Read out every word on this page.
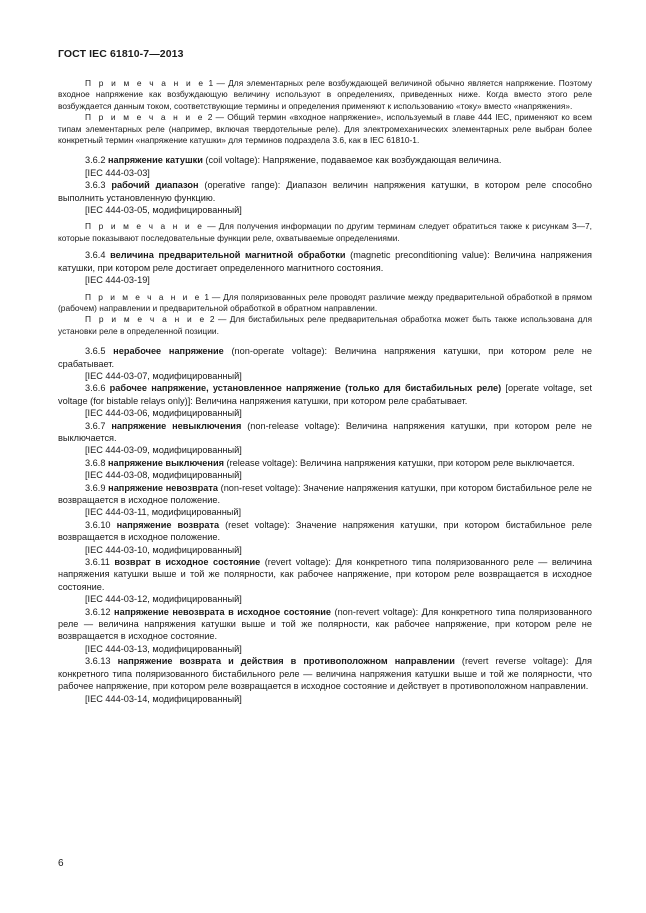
ГОСТ IEC 61810-7—2013

П р и м е ч а н и е 1 — Для элементарных реле возбуждающей величиной обычно является напряжение. Поэтому входное напряжение как возбуждающую величину используют в определениях, приведенных ниже. Когда вместо этого реле возбуждается данным током, соответствующие термины и определения применяют к использованию «току» вместо «напряжения».

П р и м е ч а н и е 2 — Общий термин «входное напряжение», используемый в главе 444 IEC, применяют ко всем типам элементарных реле (например, включая твердотельные реле). Для электромеханических элементарных реле выбран более конкретный термин «напряжение катушки» для терминов подраздела 3.6, как в IEC 61810-1.

3.6.2 напряжение катушки (coil voltage): Напряжение, подаваемое как возбуждающая величина.

[IEC 444-03-03]

3.6.3 рабочий диапазон (operative range): Диапазон величин напряжения катушки, в котором реле способно выполнить установленную функцию.

[IEC 444-03-05, модифицированный]

П р и м е ч а н и е — Для получения информации по другим терминам следует обратиться также к рисункам 3—7, которые показывают последовательные функции реле, охватываемые определениями.

3.6.4 величина предварительной магнитной обработки (magnetic preconditioning value): Величина напряжения катушки, при котором реле достигает определенного магнитного состояния.

[IEC 444-03-19]

П р и м е ч а н и е 1 — Для поляризованных реле проводят различие между предварительной обработкой в прямом (рабочем) направлении и предварительной обработкой в обратном направлении.

П р и м е ч а н и е 2 — Для бистабильных реле предварительная обработка может быть также использована для установки реле в определенной позиции.

3.6.5 нерабочее напряжение (non-operate voltage): Величина напряжения катушки, при котором реле не срабатывает.

[IEC 444-03-07, модифицированный]

3.6.6 рабочее напряжение, установленное напряжение (только для бистабильных реле) [operate voltage, set voltage (for bistable relays only)]: Величина напряжения катушки, при котором реле срабатывает.

[IEC 444-03-06, модифицированный]

3.6.7 напряжение невыключения (non-release voltage): Величина напряжения катушки, при котором реле не выключается.

[IEC 444-03-09, модифицированный]

3.6.8 напряжение выключения (release voltage): Величина напряжения катушки, при котором реле выключается.

[IEC 444-03-08, модифицированный]

3.6.9 напряжение невозврата (non-reset voltage): Значение напряжения катушки, при котором бистабильное реле не возвращается в исходное положение.

[IEC 444-03-11, модифицированный]

3.6.10 напряжение возврата (reset voltage): Значение напряжения катушки, при котором бистабильное реле возвращается в исходное положение.

[IEC 444-03-10, модифицированный]

3.6.11 возврат в исходное состояние (revert voltage): Для конкретного типа поляризованного реле — величина напряжения катушки выше и той же полярности, как рабочее напряжение, при котором реле возвращается в исходное состояние.

[IEC 444-03-12, модифицированный]

3.6.12 напряжение невозврата в исходное состояние (non-revert voltage): Для конкретного типа поляризованного реле — величина напряжения катушки выше и той же полярности, как рабочее напряжение, при котором реле не возвращается в исходное состояние.

[IEC 444-03-13, модифицированный]

3.6.13 напряжение возврата и действия в противоположном направлении (revert reverse voltage): Для конкретного типа поляризованного бистабильного реле — величина напряжения катушки выше и той же полярности, что рабочее напряжение, при котором реле возвращается в исходное состояние и действует в противоположном направлении.

[IEC 444-03-14, модифицированный]

6
